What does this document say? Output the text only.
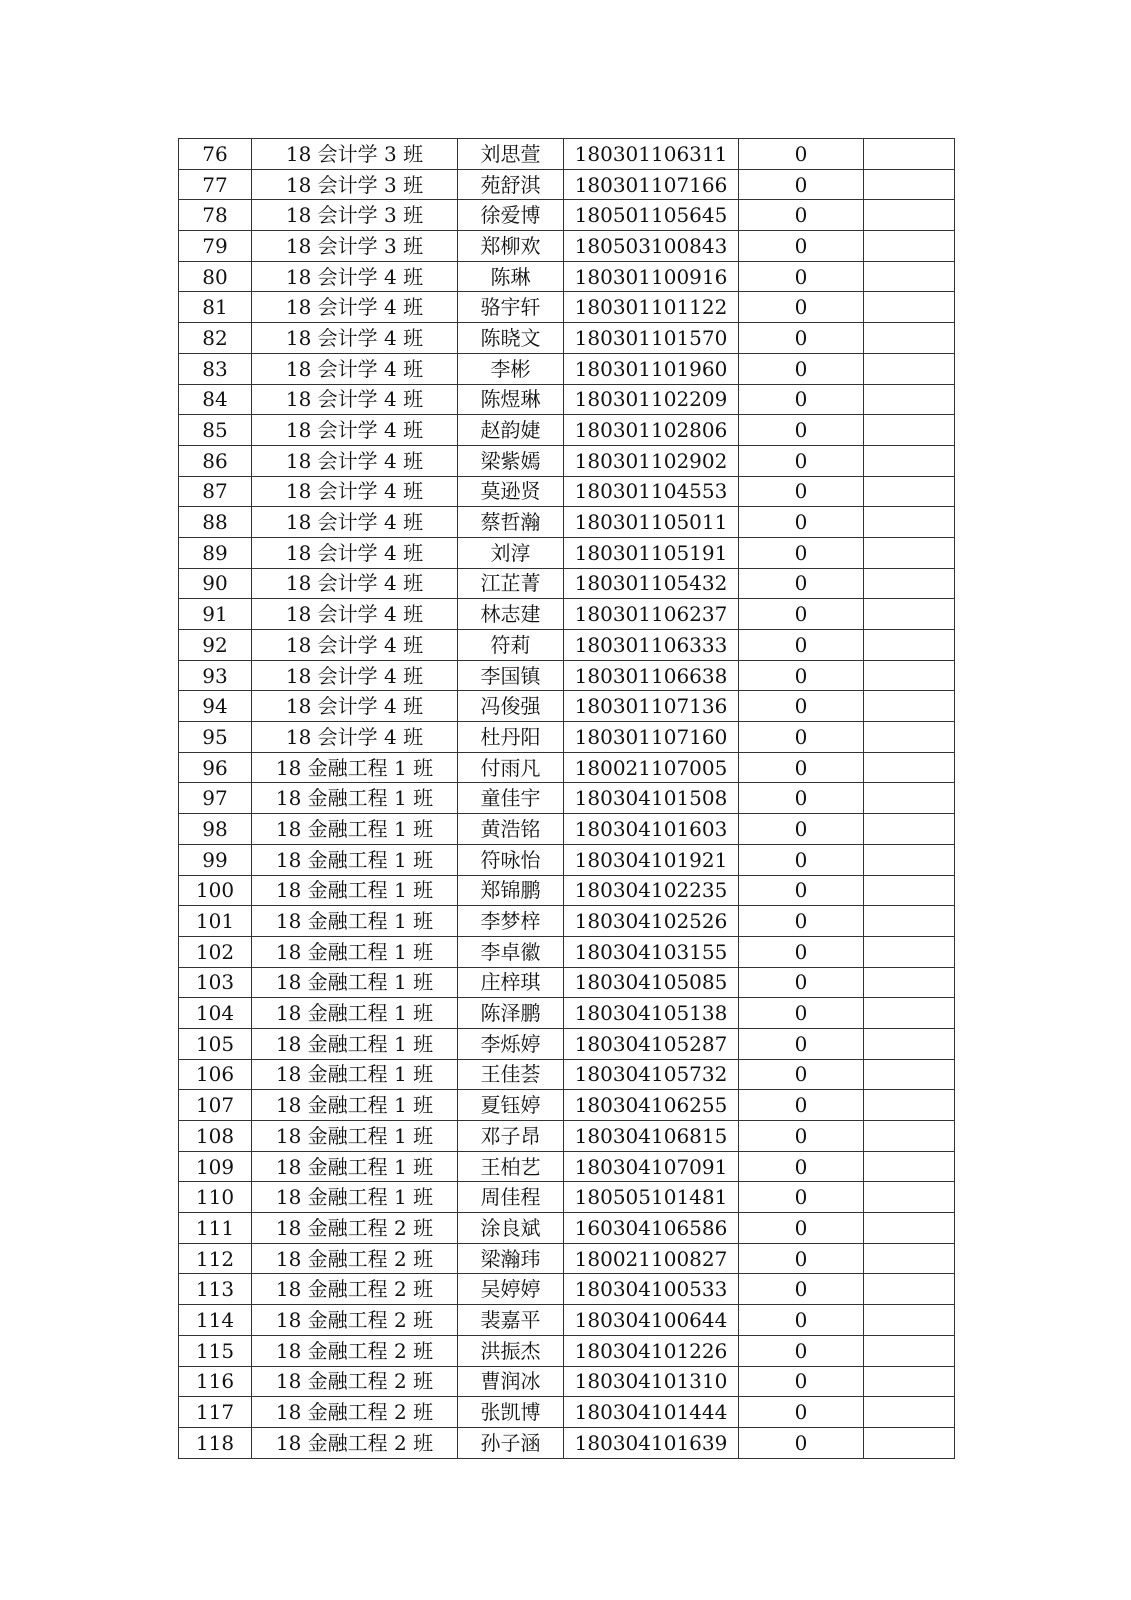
76	18 会计学 3 班	刘思萱	180301106311	0	
77	18 会计学 3 班	苑舒淇	180301107166	0	
78	18 会计学 3 班	徐爱博	180501105645	0	
79	18 会计学 3 班	郑柳欢	180503100843	0	
80	18 会计学 4 班	陈琳	180301100916	0	
81	18 会计学 4 班	骆宇轩	180301101122	0	
82	18 会计学 4 班	陈晓文	180301101570	0	
83	18 会计学 4 班	李彬	180301101960	0	
84	18 会计学 4 班	陈煜琳	180301102209	0	
85	18 会计学 4 班	赵韵婕	180301102806	0	
86	18 会计学 4 班	梁紫嫣	180301102902	0	
87	18 会计学 4 班	莫逊贤	180301104553	0	
88	18 会计学 4 班	蔡哲瀚	180301105011	0	
89	18 会计学 4 班	刘淳	180301105191	0	
90	18 会计学 4 班	江芷菁	180301105432	0	
91	18 会计学 4 班	林志建	180301106237	0	
92	18 会计学 4 班	符莉	180301106333	0	
93	18 会计学 4 班	李国镇	180301106638	0	
94	18 会计学 4 班	冯俊强	180301107136	0	
95	18 会计学 4 班	杜丹阳	180301107160	0	
96	18 金融工程 1 班	付雨凡	180021107005	0	
97	18 金融工程 1 班	童佳宇	180304101508	0	
98	18 金融工程 1 班	黄浩铭	180304101603	0	
99	18 金融工程 1 班	符咏怡	180304101921	0	
100	18 金融工程 1 班	郑锦鹏	180304102235	0	
101	18 金融工程 1 班	李梦梓	180304102526	0	
102	18 金融工程 1 班	李卓徽	180304103155	0	
103	18 金融工程 1 班	庄梓琪	180304105085	0	
104	18 金融工程 1 班	陈泽鹏	180304105138	0	
105	18 金融工程 1 班	李烁婷	180304105287	0	
106	18 金融工程 1 班	王佳荟	180304105732	0	
107	18 金融工程 1 班	夏钰婷	180304106255	0	
108	18 金融工程 1 班	邓子昂	180304106815	0	
109	18 金融工程 1 班	王柏艺	180304107091	0	
110	18 金融工程 1 班	周佳程	180505101481	0	
111	18 金融工程 2 班	涂良斌	160304106586	0	
112	18 金融工程 2 班	梁瀚玮	180021100827	0	
113	18 金融工程 2 班	吴婷婷	180304100533	0	
114	18 金融工程 2 班	裴嘉平	180304100644	0	
115	18 金融工程 2 班	洪振杰	180304101226	0	
116	18 金融工程 2 班	曹润冰	180304101310	0	
117	18 金融工程 2 班	张凯博	180304101444	0	
118	18 金融工程 2 班	孙子涵	180304101639	0	
